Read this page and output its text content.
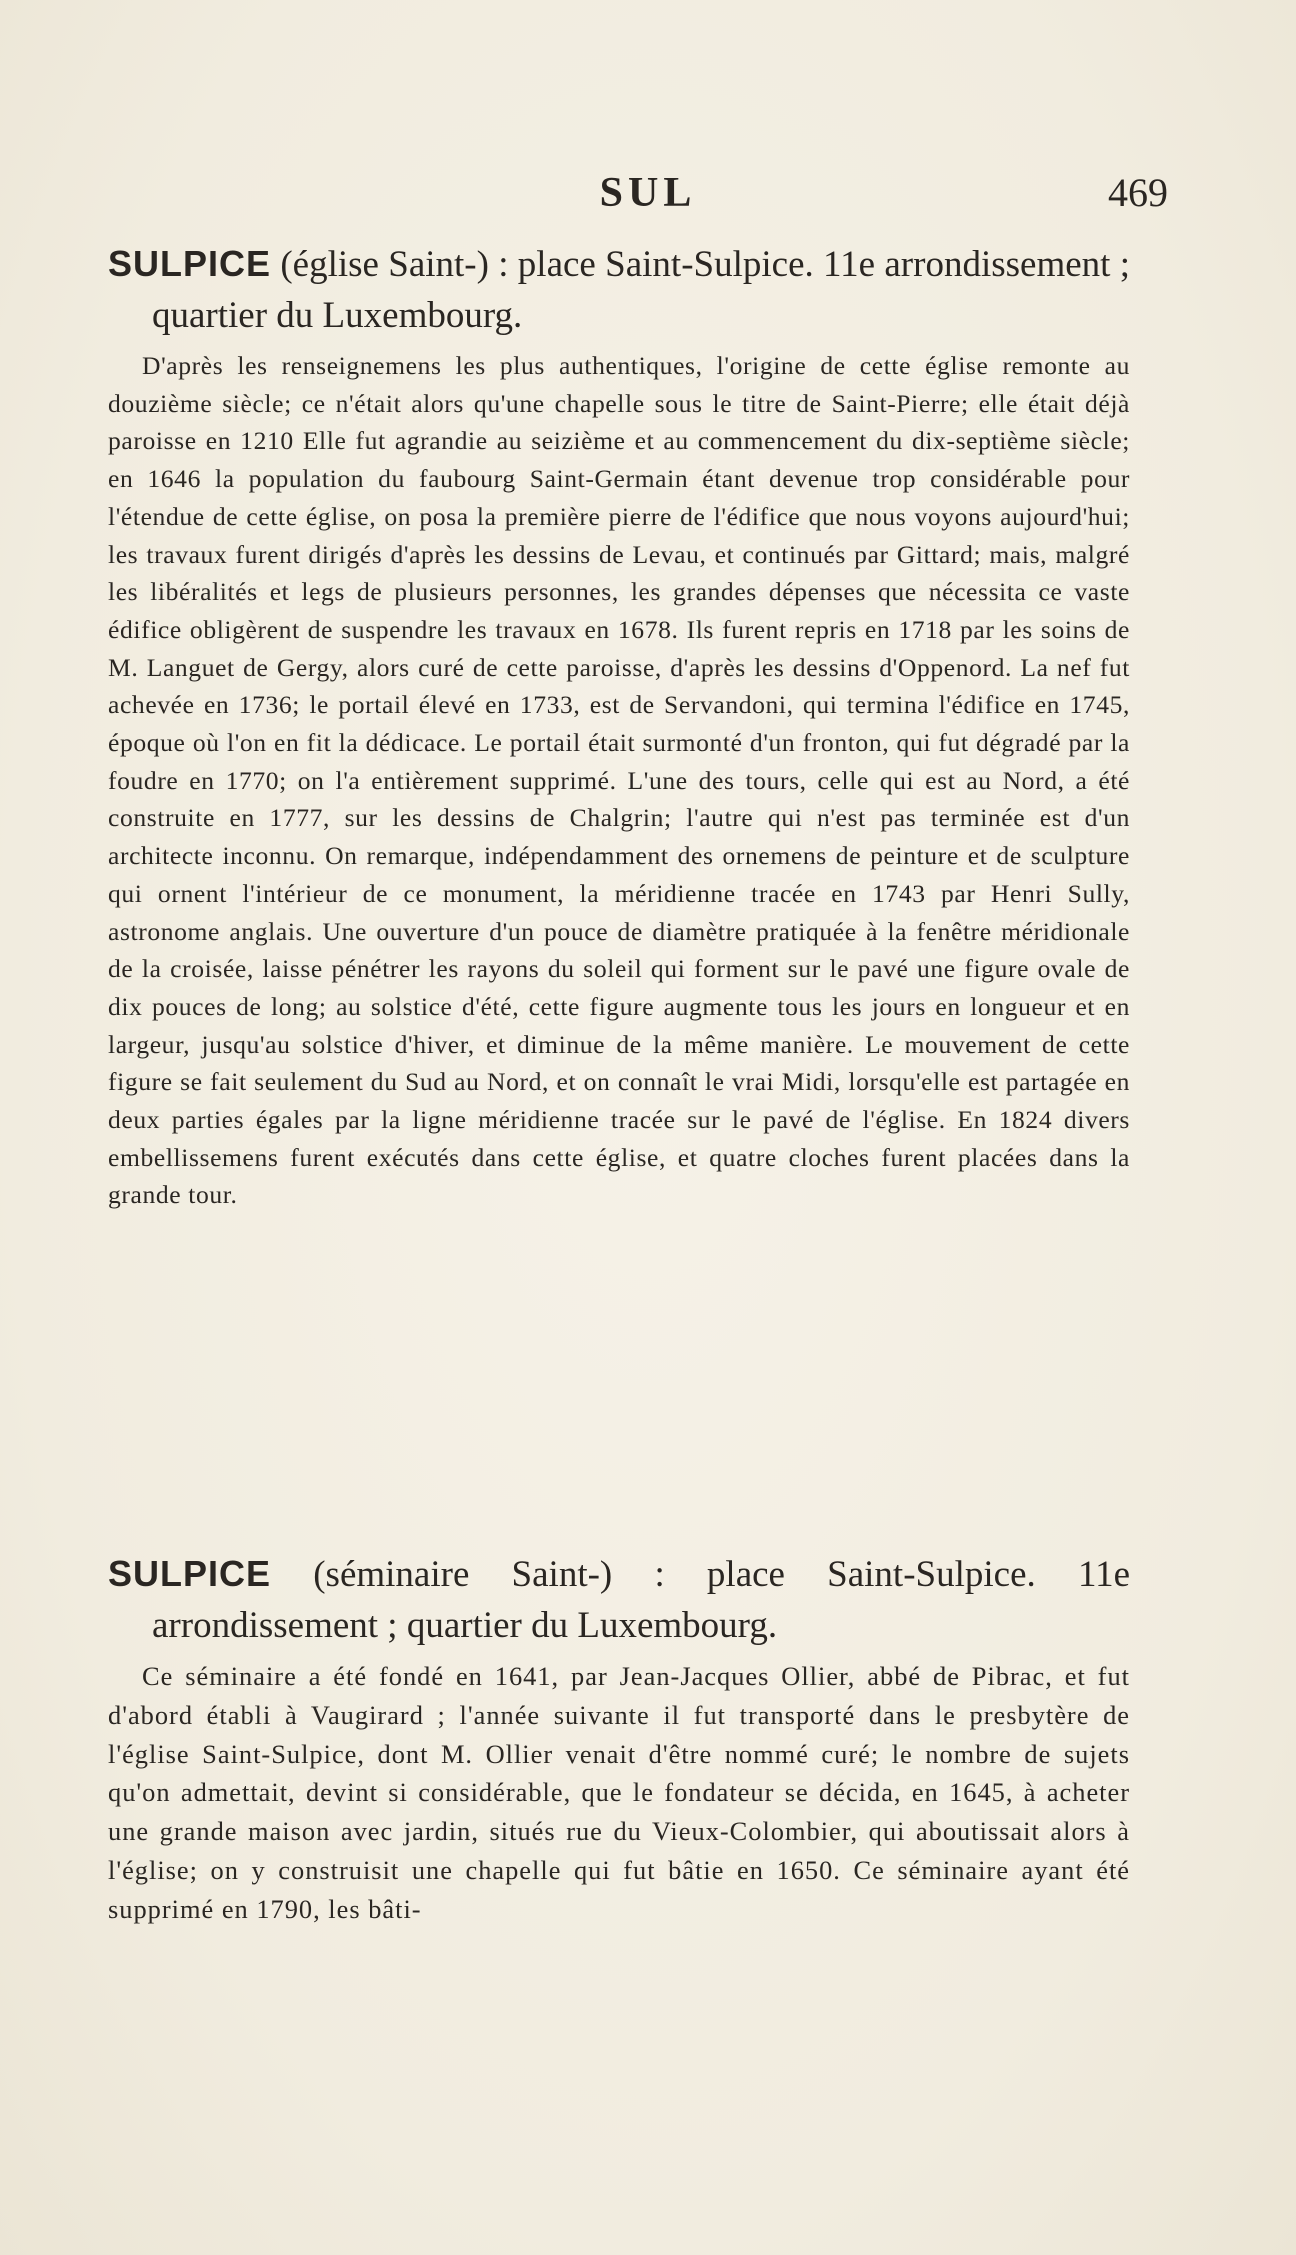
SUL	469

SULPICE (église Saint-) : place Saint-Sulpice. 11e arrondissement ; quartier du Luxembourg.

D'après les renseignemens les plus authentiques, l'origine de cette église remonte au douzième siècle; ce n'était alors qu'une chapelle sous le titre de Saint-Pierre; elle était déjà paroisse en 1210 Elle fut agrandie au seizième et au commencement du dix-septième siècle; en 1646 la population du faubourg Saint-Germain étant devenue trop considérable pour l'étendue de cette église, on posa la première pierre de l'édifice que nous voyons aujourd'hui; les travaux furent dirigés d'après les dessins de Levau, et continués par Gittard; mais, malgré les libéralités et legs de plusieurs personnes, les grandes dépenses que nécessita ce vaste édifice obligèrent de suspendre les travaux en 1678. Ils furent repris en 1718 par les soins de M. Languet de Gergy, alors curé de cette paroisse, d'après les dessins d'Oppenord. La nef fut achevée en 1736; le portail élevé en 1733, est de Servandoni, qui termina l'édifice en 1745, époque où l'on en fit la dédicace. Le portail était surmonté d'un fronton, qui fut dégradé par la foudre en 1770; on l'a entièrement supprimé. L'une des tours, celle qui est au Nord, a été construite en 1777, sur les dessins de Chalgrin; l'autre qui n'est pas terminée est d'un architecte inconnu. On remarque, indépendamment des ornemens de peinture et de sculpture qui ornent l'intérieur de ce monument, la méridienne tracée en 1743 par Henri Sully, astronome anglais. Une ouverture d'un pouce de diamètre pratiquée à la fenêtre méridionale de la croisée, laisse pénétrer les rayons du soleil qui forment sur le pavé une figure ovale de dix pouces de long; au solstice d'été, cette figure augmente tous les jours en longueur et en largeur, jusqu'au solstice d'hiver, et diminue de la même manière. Le mouvement de cette figure se fait seulement du Sud au Nord, et on connaît le vrai Midi, lorsqu'elle est partagée en deux parties égales par la ligne méridienne tracée sur le pavé de l'église. En 1824 divers embellissemens furent exécutés dans cette église, et quatre cloches furent placées dans la grande tour.

SULPICE (séminaire Saint-) : place Saint-Sulpice. 11e arrondissement ; quartier du Luxembourg.

Ce séminaire a été fondé en 1641, par Jean-Jacques Ollier, abbé de Pibrac, et fut d'abord établi à Vaugirard ; l'année suivante il fut transporté dans le presbytère de l'église Saint-Sulpice, dont M. Ollier venait d'être nommé curé; le nombre de sujets qu'on admettait, devint si considérable, que le fondateur se décida, en 1645, à acheter une grande maison avec jardin, situés rue du Vieux-Colombier, qui aboutissait alors à l'église; on y construisit une chapelle qui fut bâtie en 1650. Ce séminaire ayant été supprimé en 1790, les bâti-
